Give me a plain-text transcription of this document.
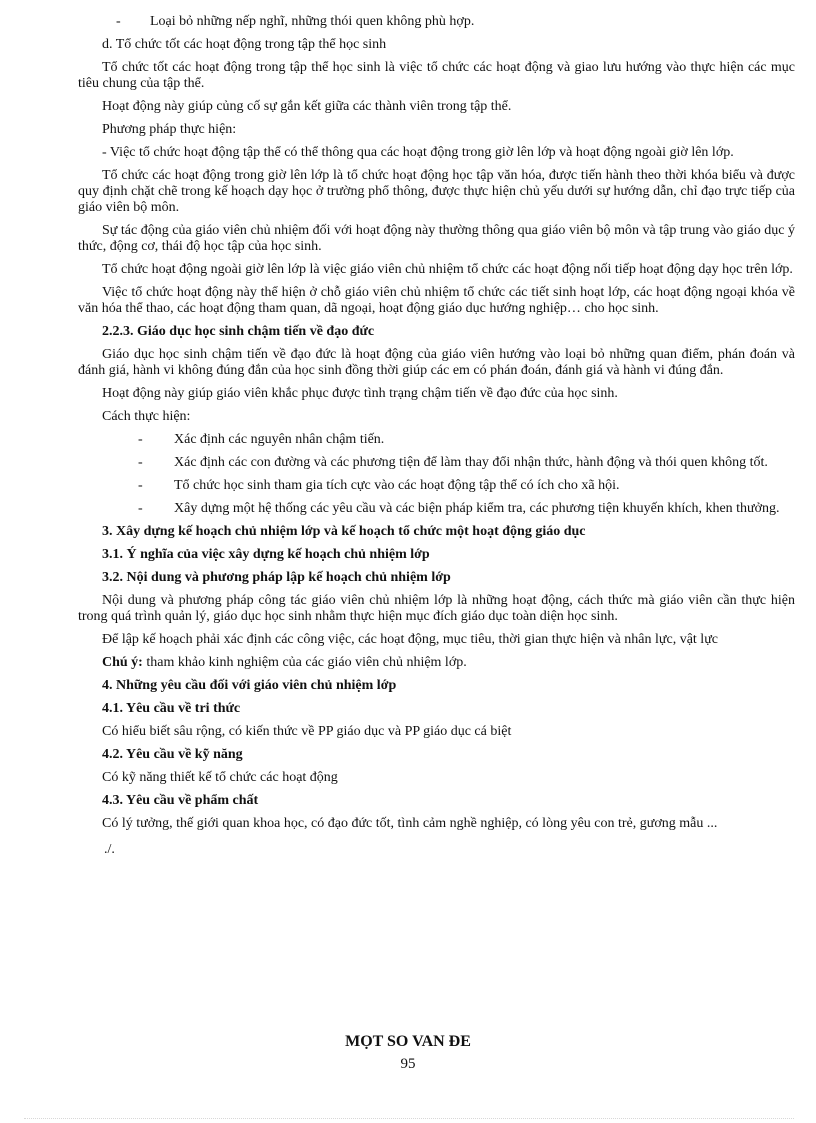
- Loại bỏ những nếp nghĩ, những thói quen không phù hợp.

d. Tổ chức tốt các hoạt động trong tập thể học sinh

Tổ chức tốt các hoạt động trong tập thể học sinh là việc tổ chức các hoạt động và giao lưu hướng vào thực hiện các mục tiêu chung của tập thể.

Hoạt động này giúp củng cố sự gắn kết giữa các thành viên trong tập thể.

Phương pháp thực hiện:

- Việc tổ chức hoạt động tập thể có thể thông qua các hoạt động trong giờ lên lớp và hoạt động ngoài giờ lên lớp.

Tổ chức các hoạt động trong giờ lên lớp là tổ chức hoạt động học tập văn hóa, được tiến hành theo thời khóa biểu và được quy định chặt chẽ trong kế hoạch dạy học ở trường phổ thông, được thực hiện chủ yếu dưới sự hướng dẫn, chỉ đạo trực tiếp của giáo viên bộ môn.

Sự tác động của giáo viên chủ nhiệm đối với hoạt động này thường thông qua giáo viên bộ môn và tập trung vào giáo dục ý thức, động cơ, thái độ học tập của học sinh.

Tổ chức hoạt động ngoài giờ lên lớp là việc giáo viên chủ nhiệm tổ chức các hoạt động nối tiếp hoạt động dạy học trên lớp.

Việc tổ chức hoạt động này thể hiện ở chỗ giáo viên chủ nhiệm tổ chức các tiết sinh hoạt lớp, các hoạt động ngoại khóa về văn hóa thể thao, các hoạt động tham quan, dã ngoại, hoạt động giáo dục hướng nghiệp… cho học sinh.

2.2.3. Giáo dục học sinh chậm tiến về đạo đức

Giáo dục học sinh chậm tiến về đạo đức là hoạt động của giáo viên hướng vào loại bỏ những quan điểm, phán đoán và đánh giá, hành vi không đúng đắn của học sinh đồng thời giúp các em có phán đoán, đánh giá và hành vi đúng đắn.

Hoạt động này giúp giáo viên khắc phục được tình trạng chậm tiến về đạo đức của học sinh.

Cách thực hiện:

- Xác định các nguyên nhân chậm tiến.

- Xác định các con đường và các phương tiện để làm thay đổi nhận thức, hành động và thói quen không tốt.

- Tổ chức học sinh tham gia tích cực vào các hoạt động tập thể có ích cho xã hội.

- Xây dựng một hệ thống các yêu cầu và các biện pháp kiểm tra, các phương tiện khuyến khích, khen thưởng.

3. Xây dựng kế hoạch chủ nhiệm lớp và kế hoạch tổ chức một hoạt động giáo dục

3.1. Ý nghĩa của việc xây dựng kế hoạch chủ nhiệm lớp

3.2. Nội dung và phương pháp lập kế hoạch chủ nhiệm lớp

Nội dung và phương pháp công tác giáo viên chủ nhiệm lớp là những hoạt động, cách thức mà giáo viên cần thực hiện trong quá trình quản lý, giáo dục học sinh nhằm thực hiện mục đích giáo dục toàn diện học sinh.

Để lập kế hoạch phải xác định các công việc, các hoạt động, mục tiêu, thời gian thực hiện và nhân lực, vật lực

Chú ý: tham khảo kinh nghiệm của các giáo viên chủ nhiệm lớp.

4. Những yêu cầu đối với giáo viên chủ nhiệm lớp

4.1. Yêu cầu về tri thức

Có hiểu biết sâu rộng, có kiến thức về PP giáo dục và PP giáo dục cá biệt

4.2. Yêu cầu về kỹ năng

Có kỹ năng thiết kế tổ chức các hoạt động

4.3. Yêu cầu về phẩm chất

Có lý tưởng, thế giới quan khoa học, có đạo đức tốt, tình cảm nghề nghiệp, có lòng yêu con trẻ, gương mẫu ...

./.

MỌT SO VAN ĐE
95
